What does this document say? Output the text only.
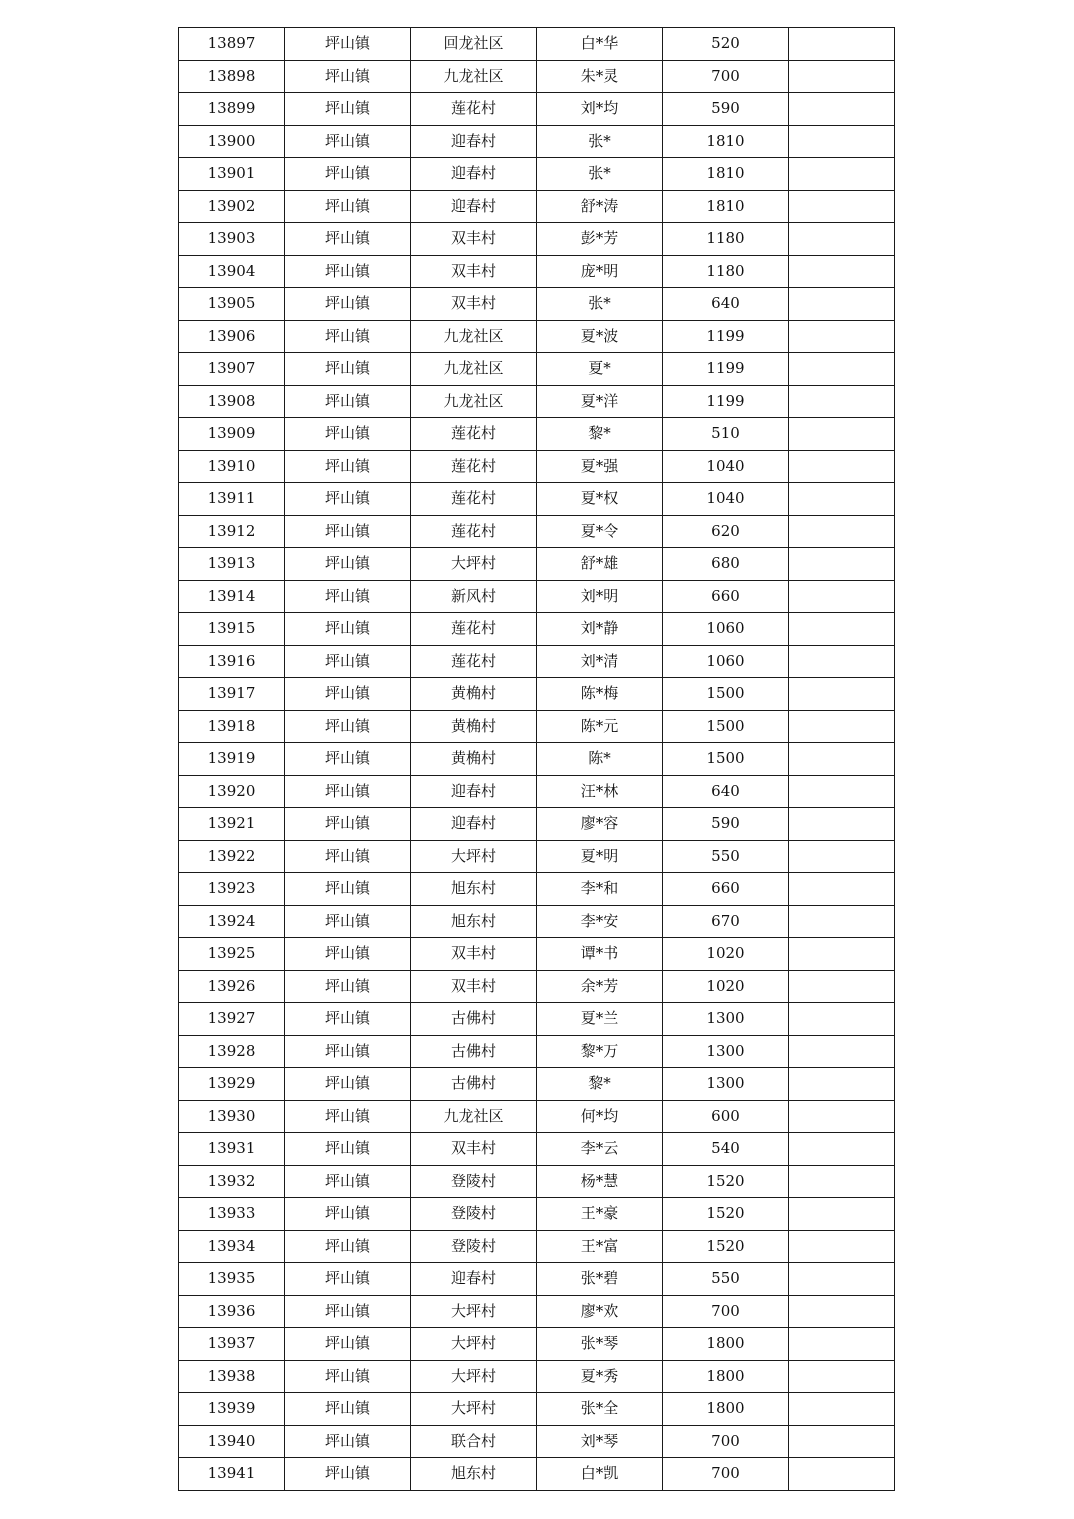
13897	坪山镇	回龙社区	白*华	520	
13898	坪山镇	九龙社区	朱*灵	700	
13899	坪山镇	莲花村	刘*均	590	
13900	坪山镇	迎春村	张*	1810	
13901	坪山镇	迎春村	张*	1810	
13902	坪山镇	迎春村	舒*涛	1810	
13903	坪山镇	双丰村	彭*芳	1180	
13904	坪山镇	双丰村	庞*明	1180	
13905	坪山镇	双丰村	张*	640	
13906	坪山镇	九龙社区	夏*波	1199	
13907	坪山镇	九龙社区	夏*	1199	
13908	坪山镇	九龙社区	夏*洋	1199	
13909	坪山镇	莲花村	黎*	510	
13910	坪山镇	莲花村	夏*强	1040	
13911	坪山镇	莲花村	夏*权	1040	
13912	坪山镇	莲花村	夏*令	620	
13913	坪山镇	大坪村	舒*雄	680	
13914	坪山镇	新风村	刘*明	660	
13915	坪山镇	莲花村	刘*静	1060	
13916	坪山镇	莲花村	刘*清	1060	
13917	坪山镇	黄桷村	陈*梅	1500	
13918	坪山镇	黄桷村	陈*元	1500	
13919	坪山镇	黄桷村	陈*	1500	
13920	坪山镇	迎春村	汪*林	640	
13921	坪山镇	迎春村	廖*容	590	
13922	坪山镇	大坪村	夏*明	550	
13923	坪山镇	旭东村	李*和	660	
13924	坪山镇	旭东村	李*安	670	
13925	坪山镇	双丰村	谭*书	1020	
13926	坪山镇	双丰村	余*芳	1020	
13927	坪山镇	古佛村	夏*兰	1300	
13928	坪山镇	古佛村	黎*万	1300	
13929	坪山镇	古佛村	黎*	1300	
13930	坪山镇	九龙社区	何*均	600	
13931	坪山镇	双丰村	李*云	540	
13932	坪山镇	登陵村	杨*慧	1520	
13933	坪山镇	登陵村	王*豪	1520	
13934	坪山镇	登陵村	王*富	1520	
13935	坪山镇	迎春村	张*碧	550	
13936	坪山镇	大坪村	廖*欢	700	
13937	坪山镇	大坪村	张*琴	1800	
13938	坪山镇	大坪村	夏*秀	1800	
13939	坪山镇	大坪村	张*全	1800	
13940	坪山镇	联合村	刘*琴	700	
13941	坪山镇	旭东村	白*凯	700	
